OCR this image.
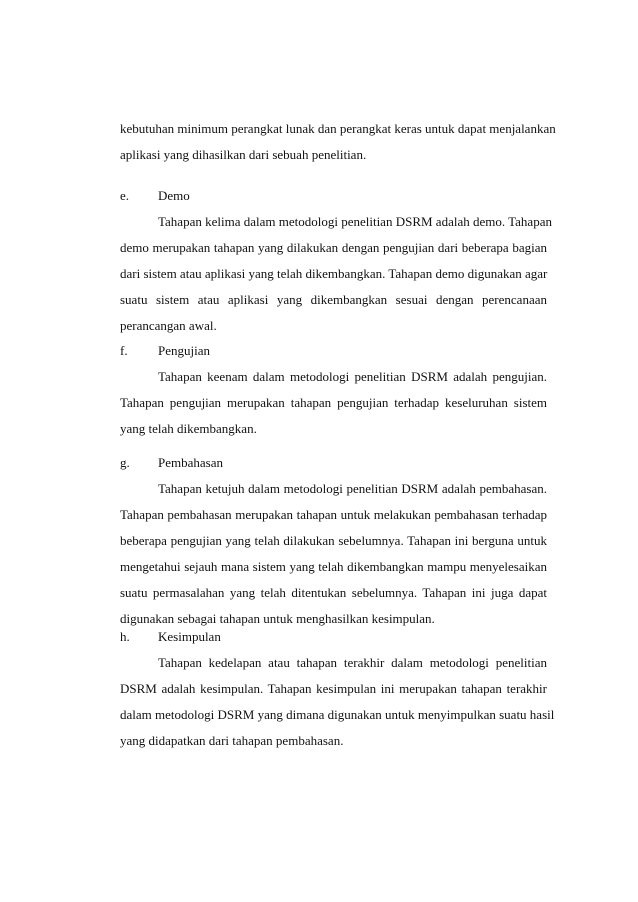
kebutuhan minimum perangkat lunak dan perangkat keras untuk dapat menjalankan
aplikasi yang dihasilkan dari sebuah penelitian.
e. Demo
Tahapan kelima dalam metodologi penelitian DSRM adalah demo. Tahapan
demo merupakan tahapan yang dilakukan dengan pengujian dari beberapa bagian
dari sistem atau aplikasi yang telah dikembangkan. Tahapan demo digunakan agar
suatu sistem atau aplikasi yang dikembangkan sesuai dengan perencanaan
perancangan awal.
f. Pengujian
Tahapan keenam dalam metodologi penelitian DSRM adalah pengujian.
Tahapan pengujian merupakan tahapan pengujian terhadap keseluruhan sistem
yang telah dikembangkan.
g. Pembahasan
Tahapan ketujuh dalam metodologi penelitian DSRM adalah pembahasan.
Tahapan pembahasan merupakan tahapan untuk melakukan pembahasan terhadap
beberapa pengujian yang telah dilakukan sebelumnya. Tahapan ini berguna untuk
mengetahui sejauh mana sistem yang telah dikembangkan mampu menyelesaikan
suatu permasalahan yang telah ditentukan sebelumnya. Tahapan ini juga dapat
digunakan sebagai tahapan untuk menghasilkan kesimpulan.
h. Kesimpulan
Tahapan kedelapan atau tahapan terakhir dalam metodologi penelitian
DSRM adalah kesimpulan. Tahapan kesimpulan ini merupakan tahapan terakhir
dalam metodologi DSRM yang dimana digunakan untuk menyimpulkan suatu hasil
yang didapatkan dari tahapan pembahasan.
